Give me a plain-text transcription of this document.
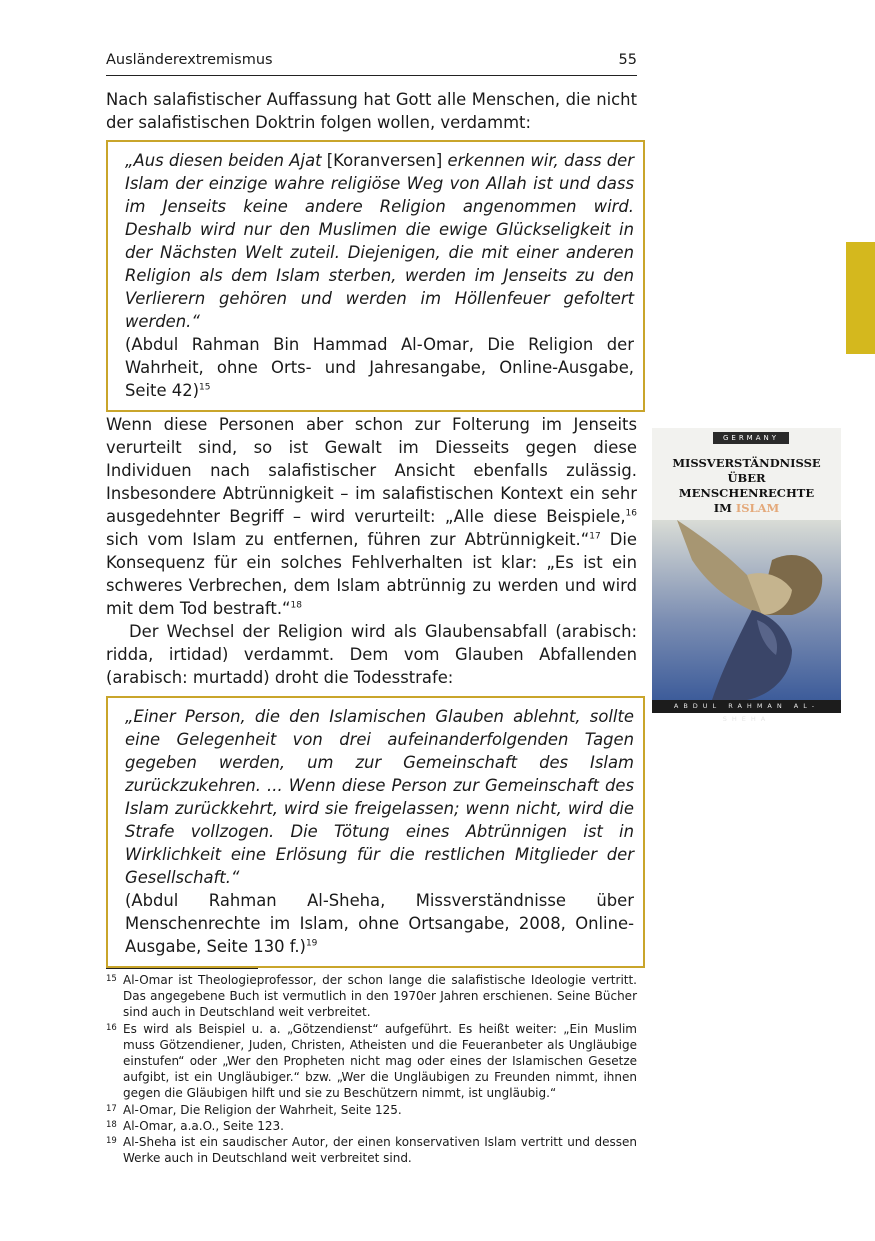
Ausländerextremismus	55
Nach salafistischer Auffassung hat Gott alle Menschen, die nicht der salafistischen Doktrin folgen wollen, verdammt:
„Aus diesen beiden Ajat [Koranversen] erkennen wir, dass der Islam der einzige wahre religiöse Weg von Allah ist und dass im Jenseits keine andere Religion angenommen wird. Deshalb wird nur den Muslimen die ewige Glückseligkeit in der Nächsten Welt zuteil. Diejenigen, die mit einer anderen Religion als dem Islam sterben, werden im Jenseits zu den Verlierern gehören und werden im Höllenfeuer gefoltert werden.“
(Abdul Rahman Bin Hammad Al-Omar, Die Religion der Wahrheit, ohne Orts- und Jahresangabe, Online-Ausgabe, Seite 42)$^{15}$
Wenn diese Personen aber schon zur Folterung im Jenseits verurteilt sind, so ist Gewalt im Diesseits gegen diese Individuen nach salafistischer Ansicht ebenfalls zulässig. Insbesondere Abtrünnigkeit – im salafistischen Kontext ein sehr ausgedehnter Begriff – wird verurteilt: „Alle diese Beispiele,$^{16}$ sich vom Islam zu entfernen, führen zur Abtrünnigkeit.“$^{17}$ Die Konsequenz für ein solches Fehlverhalten ist klar: „Es ist ein schweres Verbrechen, dem Islam abtrünnig zu werden und wird mit dem Tod bestraft.“$^{18}$
Der Wechsel der Religion wird als Glaubensabfall (arabisch: ridda, irtidad) verdammt. Dem vom Glauben Abfallenden (arabisch: murtadd) droht die Todesstrafe:
„Einer Person, die den Islamischen Glauben ablehnt, sollte eine Gelegenheit von drei aufeinanderfolgenden Tagen gegeben werden, um zur Gemeinschaft des Islam zurückzukehren. ... Wenn diese Person zur Gemeinschaft des Islam zurückkehrt, wird sie freigelassen; wenn nicht, wird die Strafe vollzogen. Die Tötung eines Abtrünnigen ist in Wirklichkeit eine Erlösung für die restlichen Mitglieder der Gesellschaft.“
(Abdul Rahman Al-Sheha, Missverständnisse über Menschenrechte im Islam, ohne Ortsangabe, 2008, Online-Ausgabe, Seite 130 f.)$^{19}$
GERMANY
MISSVERSTÄNDNISSE
ÜBER
MENSCHENRECHTE
IM ISLAM
ABDUL RAHMAN AL-SHEHA
15 Al-Omar ist Theologieprofessor, der schon lange die salafistische Ideologie vertritt. Das angegebene Buch ist vermutlich in den 1970er Jahren erschienen. Seine Bücher sind auch in Deutschland weit verbreitet.
16 Es wird als Beispiel u. a. „Götzendienst“ aufgeführt. Es heißt weiter: „Ein Muslim muss Götzendiener, Juden, Christen, Atheisten und die Feueranbeter als Ungläubige einstufen“ oder „Wer den Propheten nicht mag oder eines der Islamischen Gesetze aufgibt, ist ein Ungläubiger.“ bzw. „Wer die Ungläubigen zu Freunden nimmt, ihnen gegen die Gläubigen hilft und sie zu Beschützern nimmt, ist ungläubig.“
17 Al-Omar, Die Religion der Wahrheit, Seite 125.
18 Al-Omar, a.a.O., Seite 123.
19 Al-Sheha ist ein saudischer Autor, der einen konservativen Islam vertritt und dessen Werke auch in Deutschland weit verbreitet sind.
